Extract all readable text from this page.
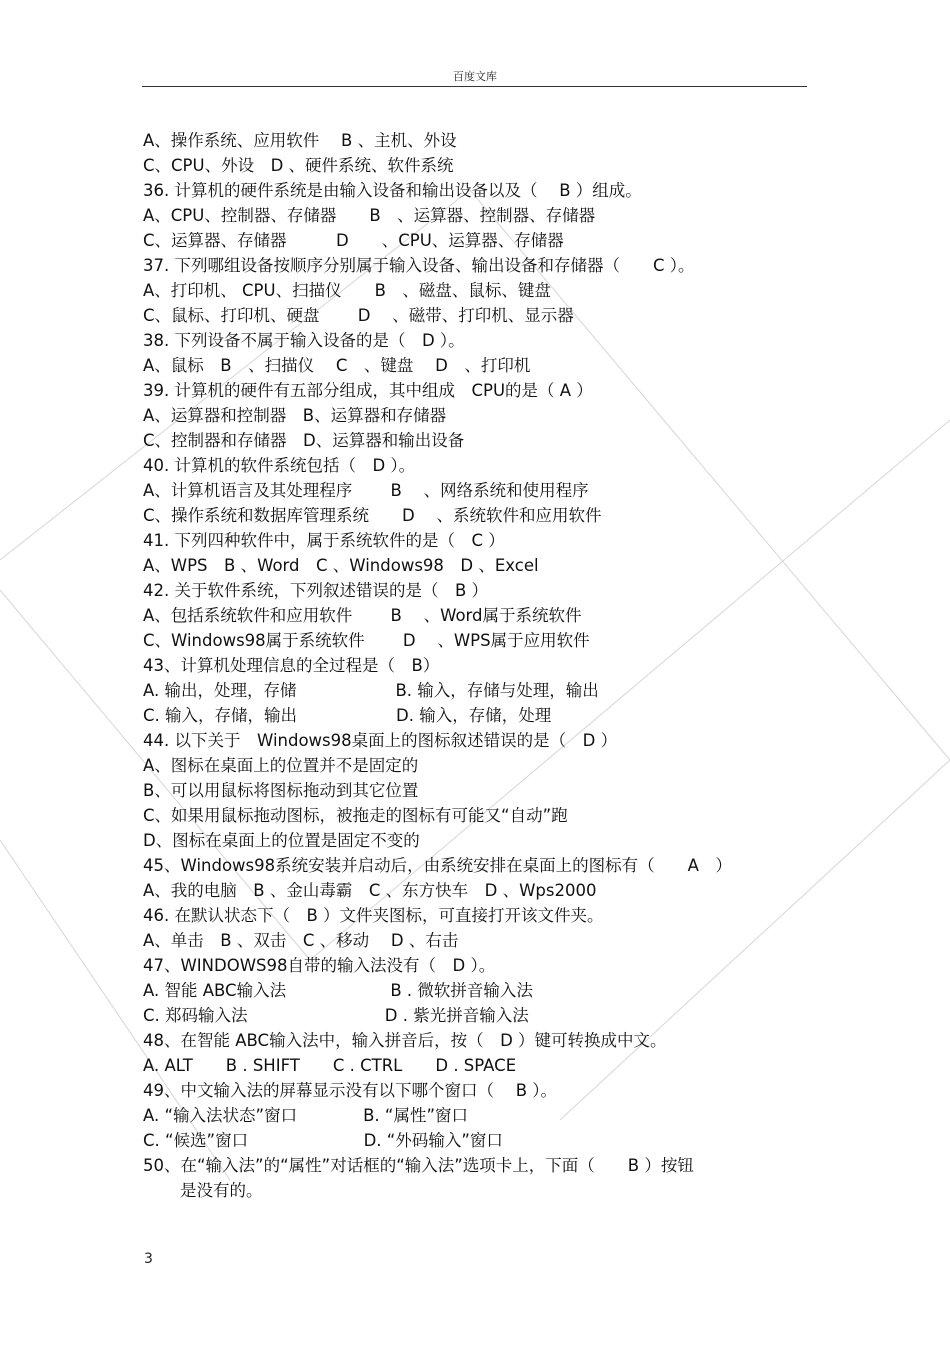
百度文库
A、操作系统、应用软件　 B 、主机、外设
C、CPU、外设　D 、硬件系统、软件系统
36. 计算机的硬件系统是由输入设备和输出设备以及（　 B ）组成。
A、CPU、控制器、存储器　　B　、运算器、控制器、存储器
C、运算器、存储器　　　D　　、CPU、运算器、存储器
37. 下列哪组设备按顺序分别属于输入设备、输出设备和存储器（　　C ）。
A、打印机、 CPU、扫描仪　　B　、磁盘、鼠标、键盘
C、鼠标、打印机、硬盘　　 D　 、磁带、打印机、显示器
38. 下列设备不属于输入设备的是（　D ）。
A、鼠标　B　、扫描仪　 C　、键盘　 D　、打印机
39. 计算机的硬件有五部分组成，其中组成　CPU的是（ A ）
A、运算器和控制器　B、运算器和存储器
C、控制器和存储器　D、运算器和输出设备
40. 计算机的软件系统包括（　D ）。
A、计算机语言及其处理程序　　 B　 、网络系统和使用程序
C、操作系统和数据库管理系统　　D　 、系统软件和应用软件
41. 下列四种软件中，属于系统软件的是（　C ）
A、WPS　B 、Word　C 、Windows98　D 、Excel
42. 关于软件系统，下列叙述错误的是（　B ）
A、包括系统软件和应用软件　　 B　 、Word属于系统软件
C、Windows98属于系统软件　　 D　 、WPS属于应用软件
43、计算机处理信息的全过程是（　B）
A. 输出，处理，存储　　　　　　B. 输入，存储与处理，输出
C. 输入，存储，输出　　　　　　D. 输入，存储，处理
44. 以下关于　Windows98桌面上的图标叙述错误的是（　D ）
A、图标在桌面上的位置并不是固定的
B、可以用鼠标将图标拖动到其它位置
C、如果用鼠标拖动图标，被拖走的图标有可能又“自动”跑
D、图标在桌面上的位置是固定不变的
45、Windows98系统安装并启动后，由系统安排在桌面上的图标有（　　A　）
A、我的电脑　B 、金山毒霸　C 、东方快车　D 、Wps2000
46. 在默认状态下（　B ）文件夹图标，可直接打开该文件夹。
A、单击　B 、双击　C 、移动　 D 、右击
47、WINDOWS98自带的输入法没有（　D ）。
A. 智能 ABC输入法　　　　　　 B . 微软拼音输入法
C. 郑码输入法　　　　　　　　 D . 紫光拼音输入法
48、在智能 ABC输入法中，输入拼音后，按（　D ）键可转换成中文。
A. ALT　　B . SHIFT　　C . CTRL　　D . SPACE
49、中文输入法的屏幕显示没有以下哪个窗口（　 B ）。
A. “输入法状态”窗口　　　　B. “属性”窗口
C. “候选”窗口　　　　　　　D. “外码输入”窗口
50、在“输入法”的“属性”对话框的“输入法”选项卡上，下面（　　B ）按钮
是没有的。
3
